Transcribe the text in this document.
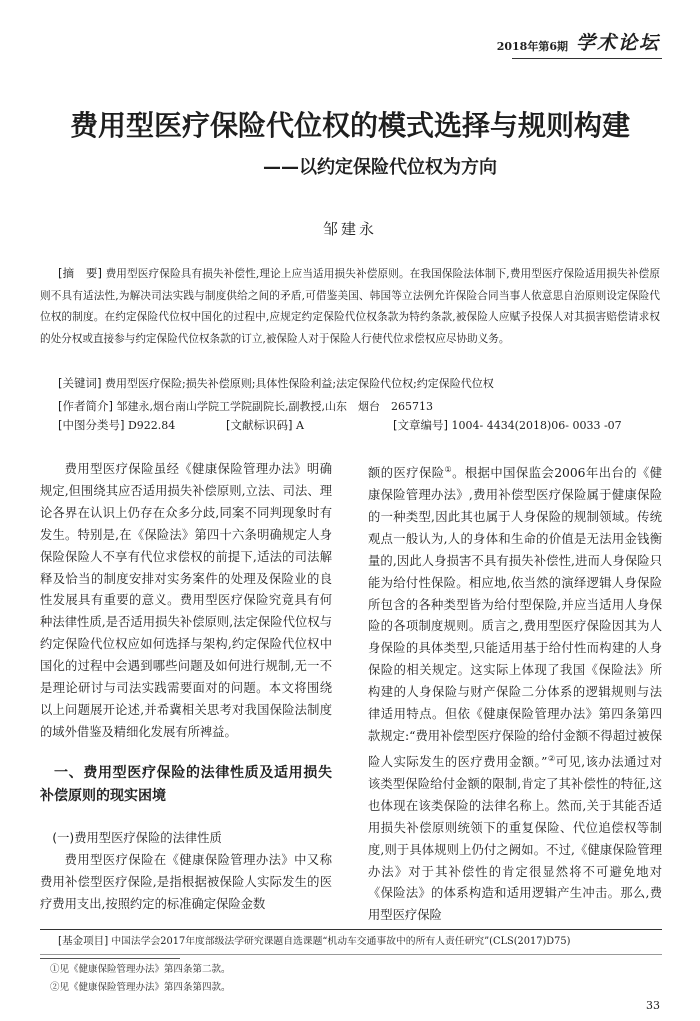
2018年第6期 学术论坛
费用型医疗保险代位权的模式选择与规则构建
——以约定保险代位权为方向
邹建永
[摘　要] 费用型医疗保险具有损失补偿性,理论上应当适用损失补偿原则。在我国保险法体制下,费用型医疗保险适用损失补偿原则不具有适法性,为解决司法实践与制度供给之间的矛盾,可借鉴美国、韩国等立法例允许保险合同当事人依意思自治原则设定保险代位权的制度。在约定保险代位权中国化的过程中,应规定约定保险代位权条款为特约条款,被保险人应赋予投保人对其损害赔偿请求权的处分权或直接参与约定保险代位权条款的订立,被保险人对于保险人行使代位求偿权应尽协助义务。
[关键词] 费用型医疗保险;损失补偿原则;具体性保险利益;法定保险代位权;约定保险代位权
[作者简介] 邹建永,烟台南山学院工学院副院长,副教授,山东　烟台　265713
[中图分类号] D922.84	[文献标识码] A	[文章编号] 1004- 4434(2018)06- 0033 -07

费用型医疗保险虽经《健康保险管理办法》明确规定,但围绕其应否适用损失补偿原则,立法、司法、理论各界在认识上仍存在众多分歧,同案不同判现象时有发生。特别是,在《保险法》第四十六条明确规定人身保险保险人不享有代位求偿权的前提下,适法的司法解释及恰当的制度安排对实务案件的处理及保险业的良性发展具有重要的意义。费用型医疗保险究竟具有何种法律性质,是否适用损失补偿原则,法定保险代位权与约定保险代位权应如何选择与架构,约定保险代位权中国化的过程中会遇到哪些问题及如何进行规制,无一不是理论研讨与司法实践需要面对的问题。本文将围绕以上问题展开论述,并希冀相关思考对我国保险法制度的域外借鉴及精细化发展有所裨益。

一、费用型医疗保险的法律性质及适用损失补偿原则的现实困境
(一)费用型医疗保险的法律性质

费用型医疗保险在《健康保险管理办法》中又称费用补偿型医疗保险,是指根据被保险人实际发生的医疗费用支出,按照约定的标准确定保险金数

额的医疗保险①。根据中国保监会2006年出台的《健康保险管理办法》,费用补偿型医疗保险属于健康保险的一种类型,因此其也属于人身保险的规制领域。传统观点一般认为,人的身体和生命的价值是无法用金钱衡量的,因此人身损害不具有损失补偿性,进而人身保险只能为给付性保险。相应地,依当然的演绎逻辑人身保险所包含的各种类型皆为给付型保险,并应当适用人身保险的各项制度规则。质言之,费用型医疗保险因其为人身保险的具体类型,只能适用基于给付性而构建的人身保险的相关规定。这实际上体现了我国《保险法》所构建的人身保险与财产保险二分体系的逻辑规则与法律适用特点。但依《健康保险管理办法》第四条第四款规定:“费用补偿型医疗保险的给付金额不得超过被保险人实际发生的医疗费用金额。”②可见,该办法通过对该类型保险给付金额的限制,肯定了其补偿性的特征,这也体现在该类保险的法律名称上。然而,关于其能否适用损失补偿原则统领下的重复保险、代位追偿权等制度,则于具体规则上仍付之阙如。不过,《健康保险管理办法》对于其补偿性的肯定很显然将不可避免地对《保险法》的体系构造和适用逻辑产生冲击。那么,费用型医疗保险

[基金项目] 中国法学会2017年度部级法学研究课题自选课题“机动车交通事故中的所有人责任研究”(CLS(2017)D75)
①见《健康保险管理办法》第四条第二款。
②见《健康保险管理办法》第四条第四款。
33
